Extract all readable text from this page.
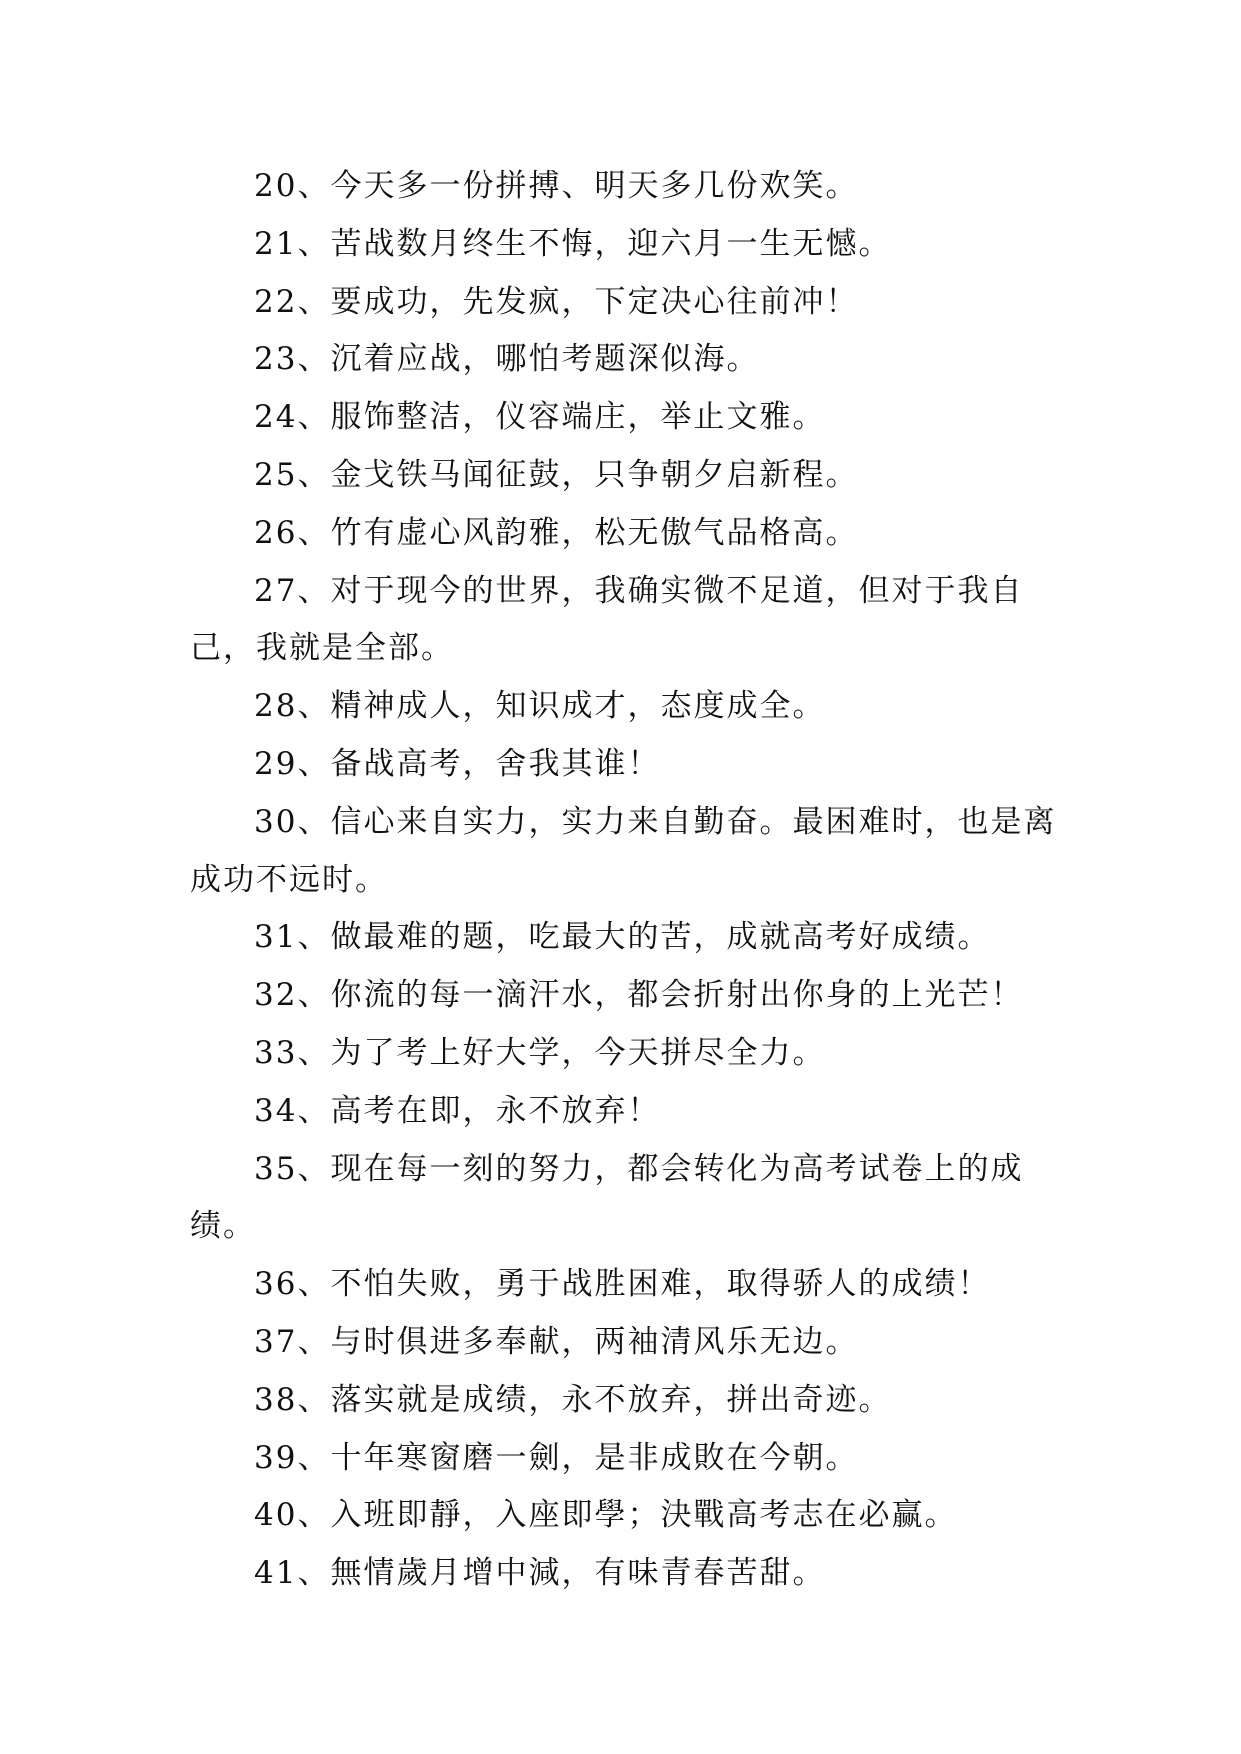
20、今天多一份拼搏、明天多几份欢笑。

21、苦战数月终生不悔，迎六月一生无憾。

22、要成功，先发疯，下定决心往前冲！

23、沉着应战，哪怕考题深似海。

24、服饰整洁，仪容端庄，举止文雅。

25、金戈铁马闻征鼓，只争朝夕启新程。

26、竹有虚心风韵雅，松无傲气品格高。

27、对于现今的世界，我确实微不足道，但对于我自己，我就是全部。

28、精神成人，知识成才，态度成全。

29、备战高考，舍我其谁！

30、信心来自实力，实力来自勤奋。最困难时，也是离成功不远时。

31、做最难的题，吃最大的苦，成就高考好成绩。

32、你流的每一滴汗水，都会折射出你身的上光芒！

33、为了考上好大学，今天拼尽全力。

34、高考在即，永不放弃！

35、现在每一刻的努力，都会转化为高考试卷上的成绩。

36、不怕失败，勇于战胜困难，取得骄人的成绩！

37、与时俱进多奉献，两袖清风乐无边。

38、落实就是成绩，永不放弃，拼出奇迹。

39、十年寒窗磨一劍，是非成敗在今朝。

40、入班即靜，入座即學；決戰高考志在必赢。

41、無情歲月增中減，有味青春苦甜。
